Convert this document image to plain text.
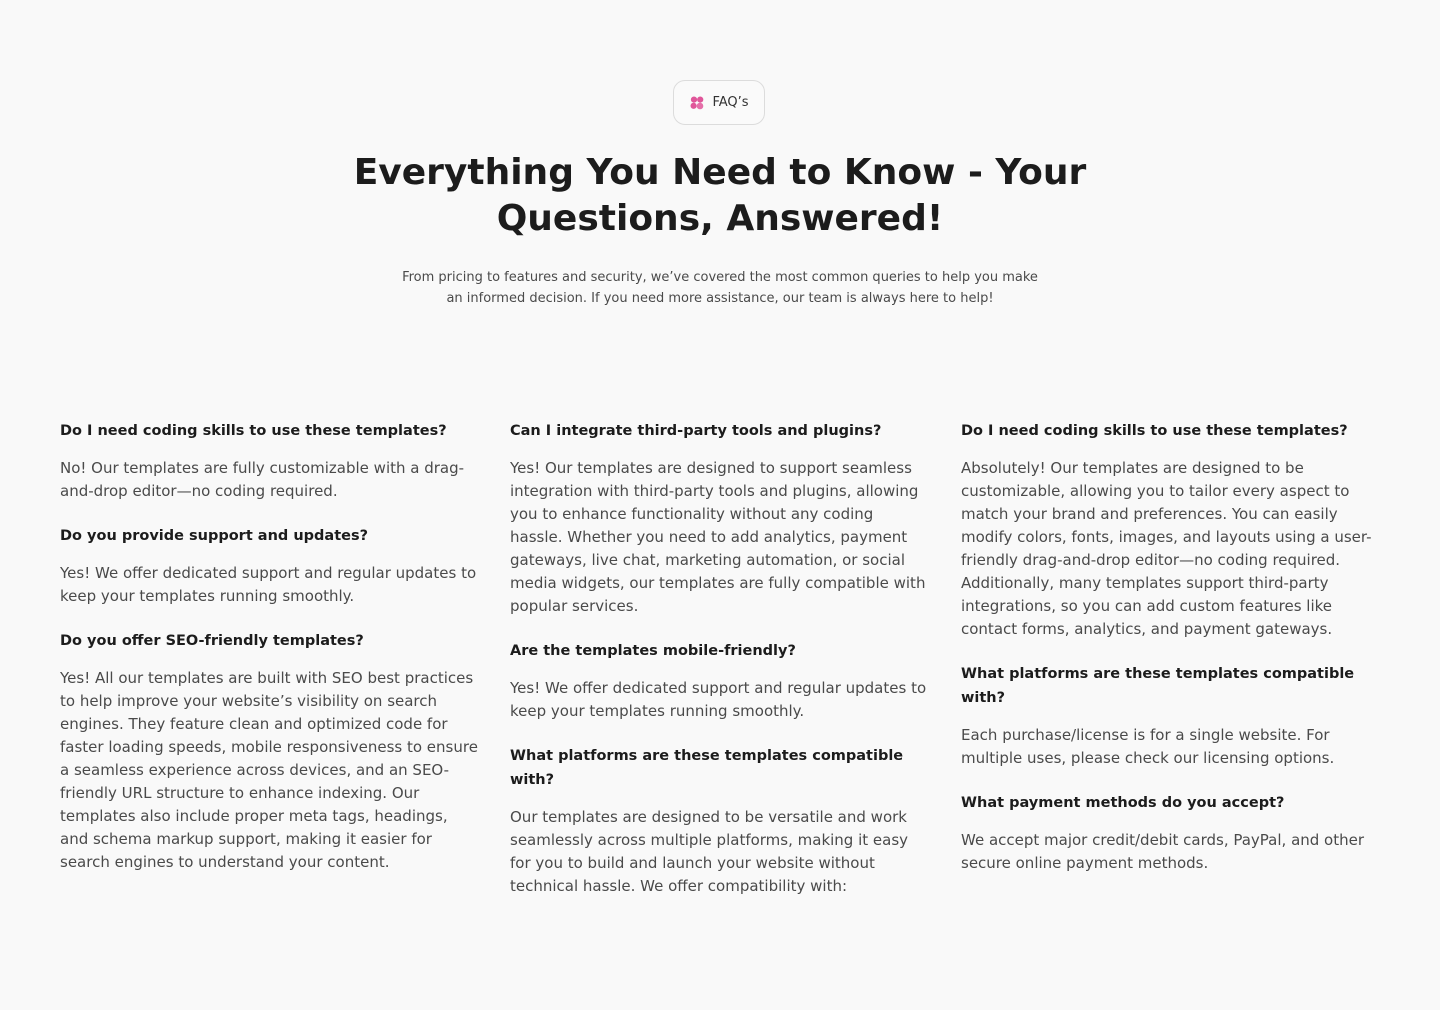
FAQ’s
Everything You Need to Know - Your Questions, Answered!

From pricing to features and security, we’ve covered the most common queries to help you make an informed decision. If you need more assistance, our team is always here to help!

Do I need coding skills to use these templates?

No! Our templates are fully customizable with a drag-and-drop editor—no coding required.

Do you provide support and updates?

Yes! We offer dedicated support and regular updates to keep your templates running smoothly.

Do you offer SEO-friendly templates?

Yes! All our templates are built with SEO best practices to help improve your website’s visibility on search engines. They feature clean and optimized code for faster loading speeds, mobile responsiveness to ensure a seamless experience across devices, and an SEO-friendly URL structure to enhance indexing. Our templates also include proper meta tags, headings, and schema markup support, making it easier for search engines to understand your content.

Can I integrate third-party tools and plugins?

Yes! Our templates are designed to support seamless integration with third-party tools and plugins, allowing you to enhance functionality without any coding hassle. Whether you need to add analytics, payment gateways, live chat, marketing automation, or social media widgets, our templates are fully compatible with popular services.

Are the templates mobile-friendly?

Yes! We offer dedicated support and regular updates to keep your templates running smoothly.

What platforms are these templates compatible with?

Our templates are designed to be versatile and work seamlessly across multiple platforms, making it easy for you to build and launch your website without technical hassle. We offer compatibility with:

Do I need coding skills to use these templates?

Absolutely! Our templates are designed to be customizable, allowing you to tailor every aspect to match your brand and preferences. You can easily modify colors, fonts, images, and layouts using a user-friendly drag-and-drop editor—no coding required. Additionally, many templates support third-party integrations, so you can add custom features like contact forms, analytics, and payment gateways.

What platforms are these templates compatible with?

Each purchase/license is for a single website. For multiple uses, please check our licensing options.

What payment methods do you accept?

We accept major credit/debit cards, PayPal, and other secure online payment methods.
